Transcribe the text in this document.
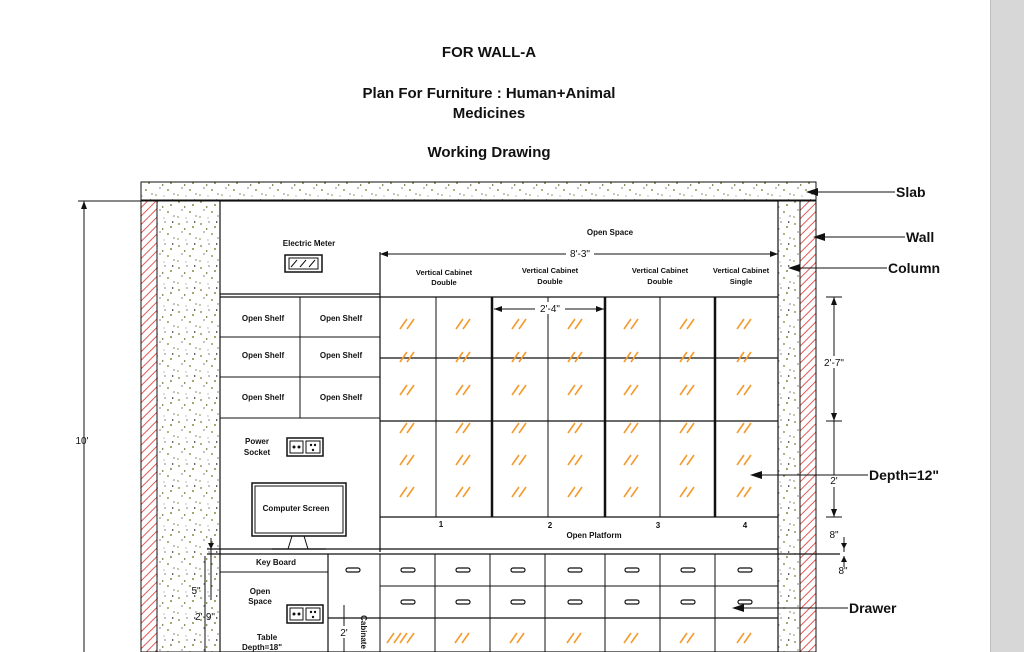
FOR WALL-A
Plan For Furniture : Human+Animal
Medicines
Working Drawing
Electric Meter
Open Shelf	Open Shelf
Open Shelf	Open Shelf
Open Shelf	Open Shelf
Power
Socket
Computer Screen
Key Board
Open
Space
Table
Depth=18"	Cabinate
Open Space
Vertical Cabinet
Double
Vertical Cabinet
Double
Vertical Cabinet
Double
Vertical Cabinet
Single
1	2	3	4
Open Platform
8'-3"
2'-4"
10'
2'-7"
2'
8"
8"
5"
2'-9"
2'
Slab
Wall
Column
Depth=12"
Drawer
